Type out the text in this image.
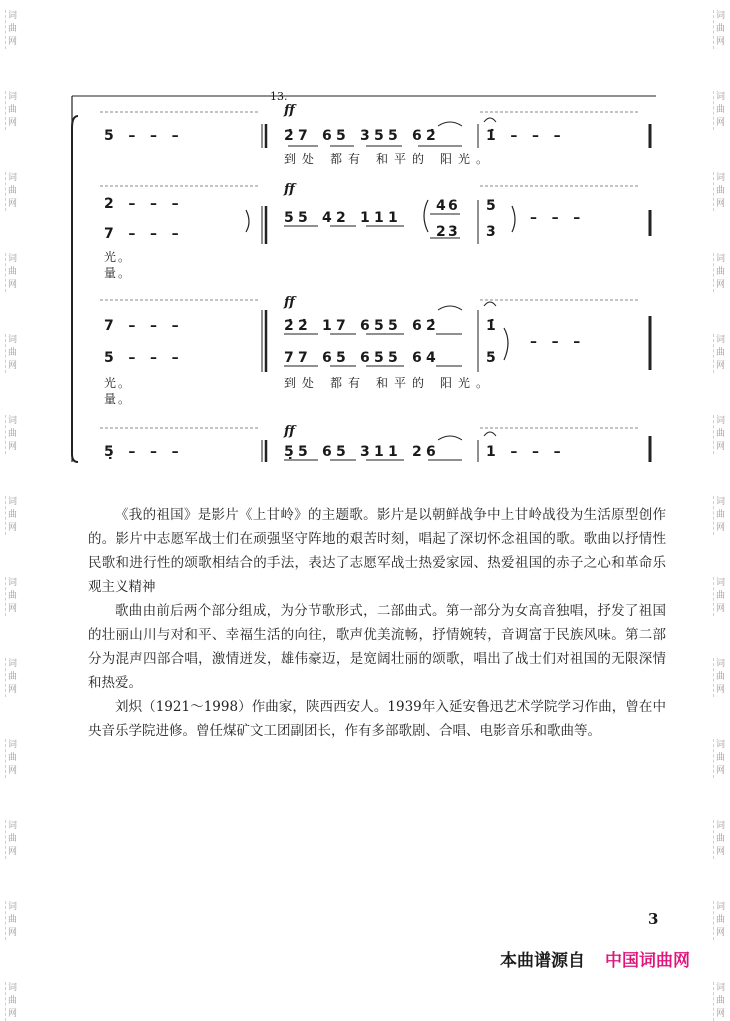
词
曲
网
词
曲
网
词
曲
网
词
曲
网
词
曲
网
词
曲
网
词
曲
网
词
曲
网
词
曲
网
词
曲
网
词
曲
网
词
曲
网
词
曲
网
词
曲
网
词
曲
网
词
曲
网
词
曲
网
词
曲
网
词
曲
网
词
曲
网
词
曲
网
词
曲
网
词
曲
网
词
曲
网
词
曲
网
词
曲
网
13.
ff
ff
ff
ff
5   –   –   –	2̇ 7 6 5 3 5 5 6 2̇	1̇   –   –   –
到 处 都 有 和 平 的 阳 光 。
2   –   –   –
7   –   –   –
光 。
量 。
5 5 4 2 1 1 1
4 6
2 3
5
3
–   –   –
7   –   –   –
5   –   –   –
光 。
量 。
2̇ 2̇ 1 7 6 5 5 6 2̇
7 7 6 5 6 5 5 6 4
1̇
5
–   –   –
到 处 都 有 和 平 的 阳 光 。
5̣   –   –   –	5̣ 5 6 5 3 1 1 2 6	1   –   –   –

《我的祖国》是影片《上甘岭》的主题歌。影片是以朝鲜战争中上甘岭战役为生活原型创作的。影片中志愿军战士们在顽强坚守阵地的艰苦时刻，唱起了深切怀念祖国的歌。歌曲以抒情性民歌和进行性的颂歌相结合的手法，表达了志愿军战士热爱家园、热爱祖国的赤子之心和革命乐观主义精神

歌曲由前后两个部分组成，为分节歌形式，二部曲式。第一部分为女高音独唱，抒发了祖国的壮丽山川与对和平、幸福生活的向往，歌声优美流畅，抒情婉转，音调富于民族风味。第二部分为混声四部合唱，激情迸发，雄伟豪迈，是宽阔壮丽的颂歌，唱出了战士们对祖国的无限深情和热爱。

刘炽（1921～1998）作曲家，陕西西安人。1939年入延安鲁迅艺术学院学习作曲，曾在中央音乐学院进修。曾任煤矿文工团副团长，作有多部歌剧、合唱、电影音乐和歌曲等。

3
本曲谱源自 中国词曲网
